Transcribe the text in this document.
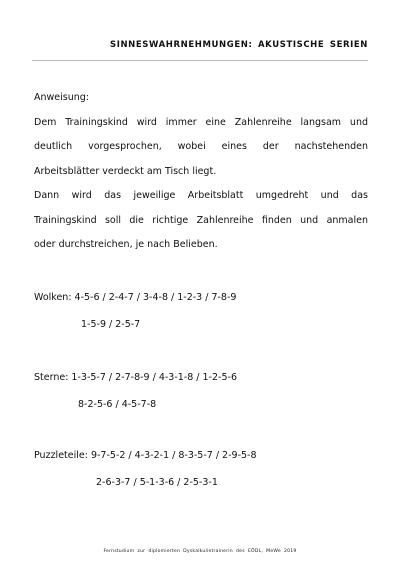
SINNESWAHRNEHMUNGEN: AKUSTISCHE SERIEN

Anweisung:

Dem Trainingskind wird immer eine Zahlenreihe langsam und

deutlich vorgesprochen, wobei eines der nachstehenden

Arbeitsblätter verdeckt am Tisch liegt.

Dann wird das jeweilige Arbeitsblatt umgedreht und das

Trainingskind soll die richtige Zahlenreihe finden und anmalen

oder durchstreichen, je nach Belieben.

Wolken: 4-5-6 / 2-4-7 / 3-4-8 / 1-2-3 / 7-8-9
1-5-9 / 2-5-7
Sterne: 1-3-5-7 / 2-7-8-9 / 4-3-1-8 / 1-2-5-6
8-2-5-6 / 4-5-7-8
Puzzleteile: 9-7-5-2 / 4-3-2-1 / 8-3-5-7 / 2-9-5-8
2-6-3-7 / 5-1-3-6 / 2-5-3-1
Fernstudium zur diplomierten Dyskalkulietrainerin des EÖDL, MeWe 2019
